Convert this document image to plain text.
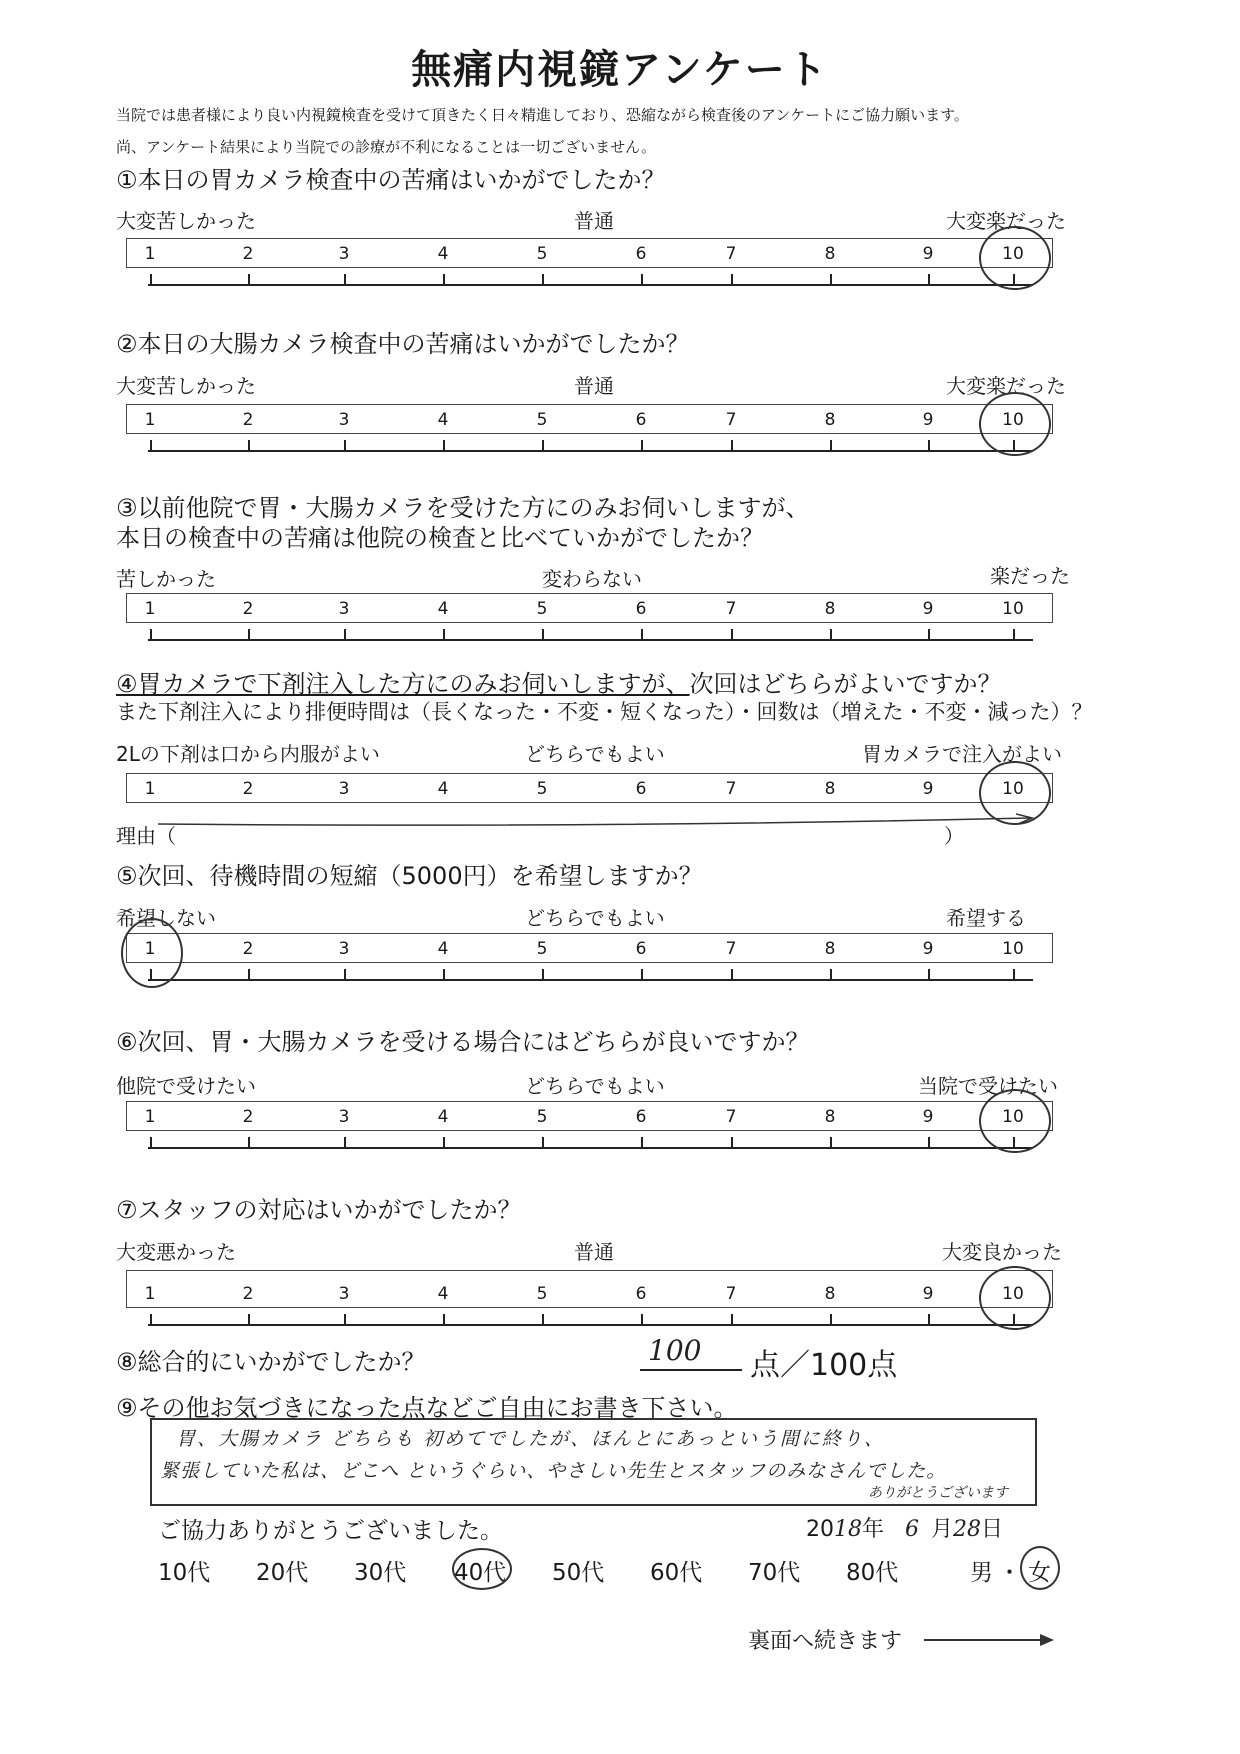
無痛内視鏡アンケート
当院では患者様により良い内視鏡検査を受けて頂きたく日々精進しており、恐縮ながら検査後のアンケートにご協力願います。
尚、アンケート結果により当院での診療が不利になることは一切ございません。
①本日の胃カメラ検査中の苦痛はいかがでしたか？
大変苦しかった	普通	大変楽だった
②本日の大腸カメラ検査中の苦痛はいかがでしたか？
大変苦しかった	普通	大変楽だった
③以前他院で胃・大腸カメラを受けた方にのみお伺いしますが、
本日の検査中の苦痛は他院の検査と比べていかがでしたか？
苦しかった	変わらない	楽だった
④胃カメラで下剤注入した方にのみお伺いしますが、次回はどちらがよいですか？
また下剤注入により排便時間は（長くなった・不変・短くなった）・回数は（増えた・不変・減った）？
2Lの下剤は口から内服がよい	どちらでもよい	胃カメラで注入がよい
理由（	）
⑤次回、待機時間の短縮（5000円）を希望しますか？
希望しない	どちらでもよい	希望する
⑥次回、胃・大腸カメラを受ける場合にはどちらが良いですか？
他院で受けたい	どちらでもよい	当院で受けたい
⑦スタッフの対応はいかがでしたか？
大変悪かった	普通	大変良かった
⑧総合的にいかがでしたか？	100 点／100点
⑨その他お気づきになった点などご自由にお書き下さい。
胃、大腸カメラ どちらも 初めてでしたが、ほんとにあっという間に終り、
緊張していた私は、どこへ というぐらい、やさしい先生とスタッフのみなさんでした。
ありがとうございます
ご協力ありがとうございました。	2018年 6 月28日
10代 20代 30代 40代 50代 60代 70代 80代	男 ・ 女
裏面へ続きます
1	2	3	4	5	6	7	8	9	10
1	2	3	4	5	6	7	8	9	10
1	2	3	4	5	6	7	8	9	10
1	2	3	4	5	6	7	8	9	10
1	2	3	4	5	6	7	8	9	10
1	2	3	4	5	6	7	8	9	10
1	2	3	4	5	6	7	8	9	10
